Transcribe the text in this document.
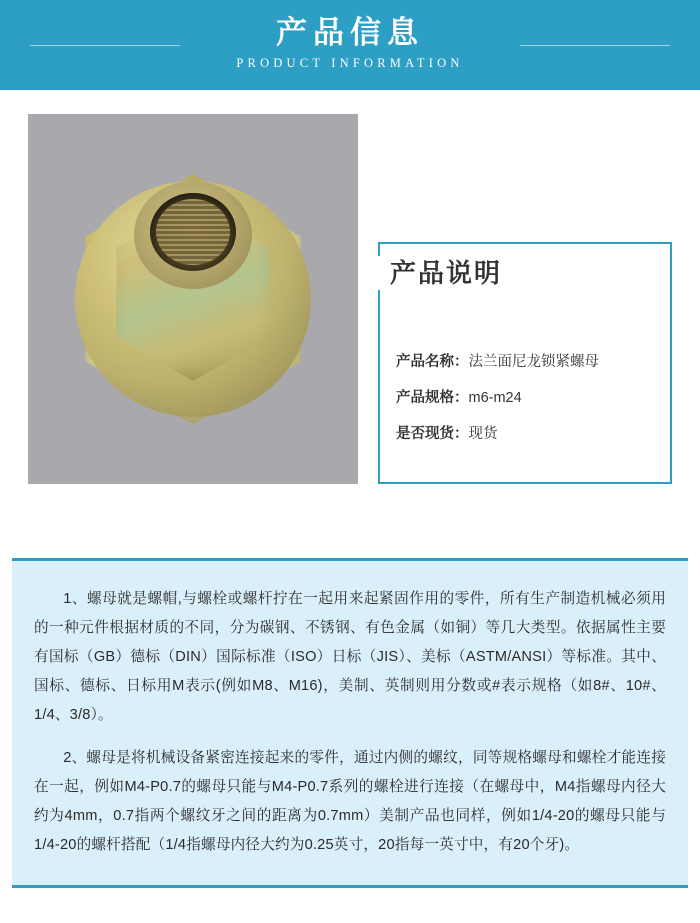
产品信息
PRODUCT INFORMATION
产品说明
产品名称：法兰面尼龙锁紧螺母
产品规格：m6-m24
是否现货：现货

1、螺母就是螺帽,与螺栓或螺杆拧在一起用来起紧固作用的零件，所有生产制造机械必须用的一种元件根据材质的不同，分为碳钢、不锈钢、有色金属（如铜）等几大类型。依据属性主要有国标（GB）德标（DIN）国际标准（ISO）日标（JIS）、美标（ASTM/ANSI）等标准。其中、国标、德标、日标用M表示(例如M8、M16)，美制、英制则用分数或#表示规格（如8#、10#、1/4、3/8）。

2、螺母是将机械设备紧密连接起来的零件，通过内侧的螺纹，同等规格螺母和螺栓才能连接在一起，例如M4-P0.7的螺母只能与M4-P0.7系列的螺栓进行连接（在螺母中，M4指螺母内径大约为4mm，0.7指两个螺纹牙之间的距离为0.7mm）美制产品也同样，例如1/4-20的螺母只能与1/4-20的螺杆搭配（1/4指螺母内径大约为0.25英寸，20指每一英寸中，有20个牙)。
